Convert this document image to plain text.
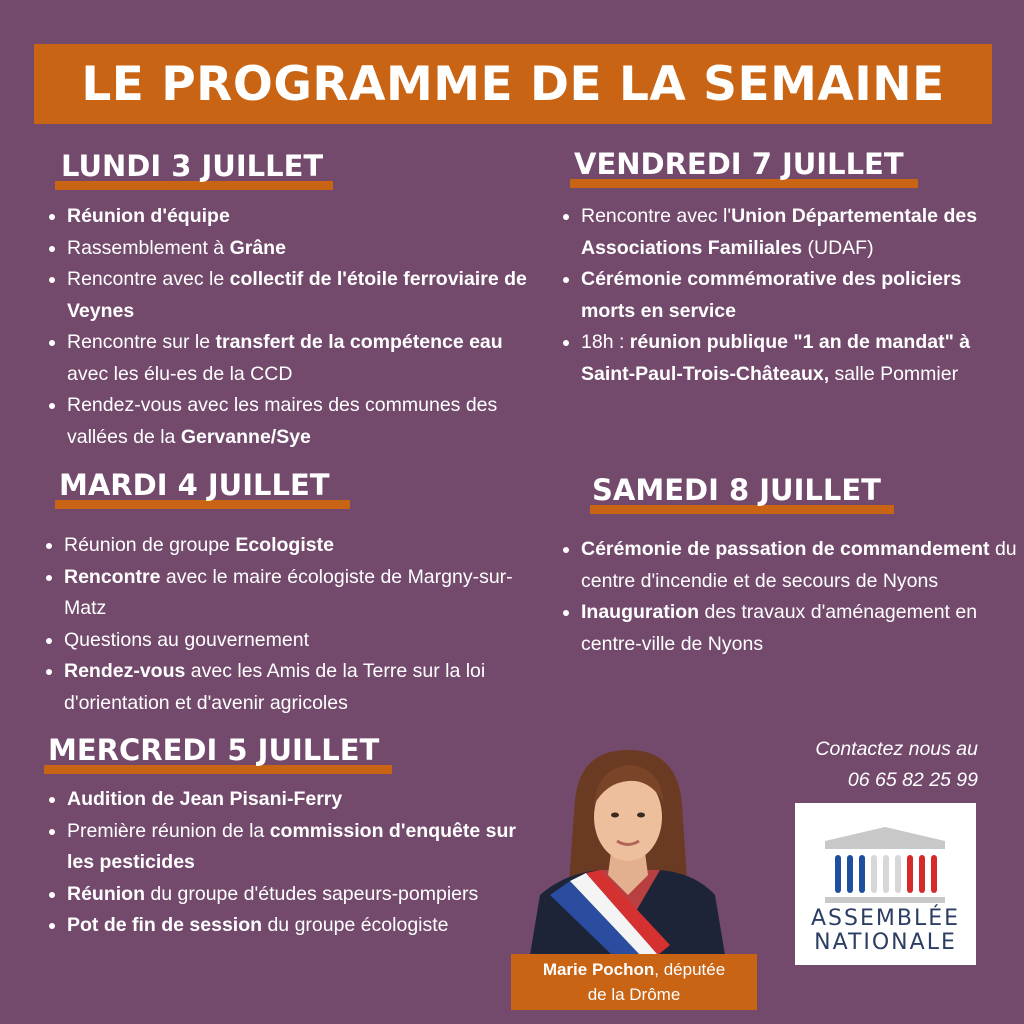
LE PROGRAMME DE LA SEMAINE
LUNDI 3 JUILLET
• Réunion d'équipe
• Rassemblement à Grâne
• Rencontre avec le collectif de l'étoile ferroviaire de Veynes
• Rencontre sur le transfert de la compétence eau avec les élu-es de la CCD
• Rendez-vous avec les maires des communes des vallées de la Gervanne/Sye
MARDI 4 JUILLET
• Réunion de groupe Ecologiste
• Rencontre avec le maire écologiste de Margny-sur-Matz
• Questions au gouvernement
• Rendez-vous avec les Amis de la Terre sur la loi d'orientation et d'avenir agricoles
MERCREDI 5 JUILLET
• Audition de Jean Pisani-Ferry
• Première réunion de la commission d'enquête sur les pesticides
• Réunion du groupe d'études sapeurs-pompiers
• Pot de fin de session du groupe écologiste
VENDREDI 7 JUILLET
• Rencontre avec l'Union Départementale des Associations Familiales (UDAF)
• Cérémonie commémorative des policiers morts en service
• 18h : réunion publique "1 an de mandat" à Saint-Paul-Trois-Châteaux, salle Pommier
SAMEDI 8 JUILLET
• Cérémonie de passation de commandement du centre d'incendie et de secours de Nyons
• Inauguration des travaux d'aménagement en centre-ville de Nyons
Contactez nous au
06 65 82 25 99
Marie Pochon, députée
de la Drôme
ASSEMBLÉE
NATIONALE
